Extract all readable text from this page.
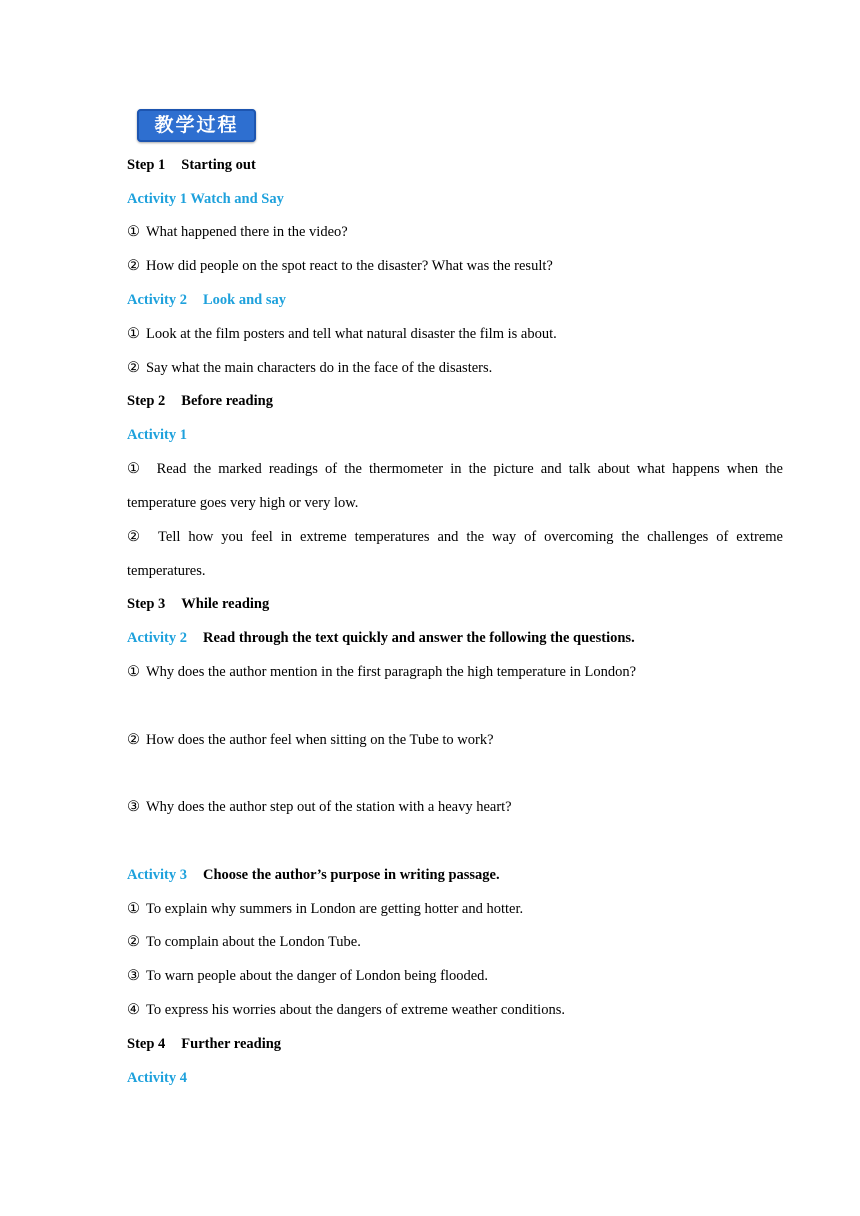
教学过程
Step 1 Starting out
Activity 1 Watch and Say
① What happened there in the video?
② How did people on the spot react to the disaster? What was the result?
Activity 2 Look and say
① Look at the film posters and tell what natural disaster the film is about.
② Say what the main characters do in the face of the disasters.
Step 2 Before reading
Activity 1
① Read the marked readings of the thermometer in the picture and talk about what happens when the
temperature goes very high or very low.
② Tell how you feel in extreme temperatures and the way of overcoming the challenges of extreme
temperatures.
Step 3 While reading
Activity 2 Read through the text quickly and answer the following the questions.
① Why does the author mention in the first paragraph the high temperature in London?
② How does the author feel when sitting on the Tube to work?
③ Why does the author step out of the station with a heavy heart?
Activity 3 Choose the author’s purpose in writing passage.
① To explain why summers in London are getting hotter and hotter.
② To complain about the London Tube.
③ To warn people about the danger of London being flooded.
④ To express his worries about the dangers of extreme weather conditions.
Step 4 Further reading
Activity 4
